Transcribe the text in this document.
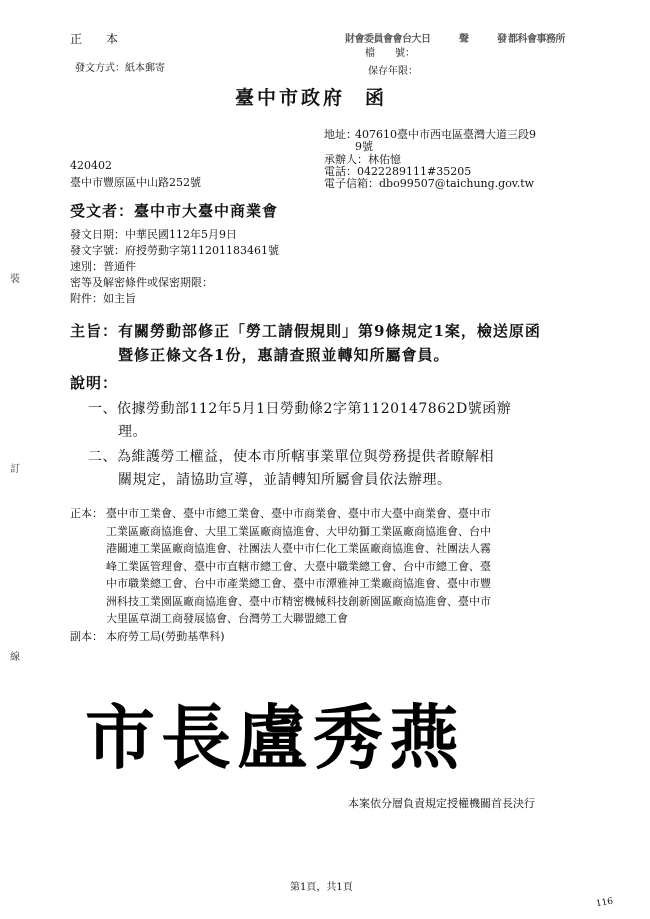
正　本	財會委員會會台大日　　　聲　　　發 都科會事務所
檔　　號：
發文方式：紙本郵寄	保存年限：
臺中市政府 函
地址：
407610臺中市西屯區臺灣大道三段9
9號
承辦人：林佑憶
電話：0422289111#35205
電子信箱：dbo99507@taichung.gov.tw
420402
臺中市豐原區中山路252號
受文者：臺中市大臺中商業會
發文日期：中華民國112年5月9日
發文字號：府授勞動字第11201183461號
速別：普通件
密等及解密條件或保密期限：
附件：如主旨
主旨：有關勞動部修正「勞工請假規則」第9條規定1案，檢送原函
暨修正條文各1份，惠請查照並轉知所屬會員。
說明：
一、依據勞動部112年5月1日勞動條2字第1120147862D號函辦
理。
二、為維護勞工權益，使本市所轄事業單位與勞務提供者瞭解相
關規定，請協助宣導，並請轉知所屬會員依法辦理。
正本： 臺中市工業會、臺中市總工業會、臺中市商業會、臺中市大臺中商業會、臺中市
工業區廠商協進會、大里工業區廠商協進會、大甲幼獅工業區廠商協進會、台中
港關連工業區廠商協進會、社團法人臺中市仁化工業區廠商協進會、社團法人霧
峰工業區管理會、臺中市直轄市總工會、大臺中職業總工會、台中市總工會、臺
中市職業總工會、台中市產業總工會、臺中市潭雅神工業廠商協進會、臺中市豐
洲科技工業園區廠商協進會、臺中市精密機械科技創新園區廠商協進會、臺中市
大里區草湖工商發展協會、台灣勞工大聯盟總工會
副本： 本府勞工局(勞動基準科)
市長盧秀燕
本案依分層負責規定授權機關首長決行
裝
訂
線
第1頁，共1頁
116
